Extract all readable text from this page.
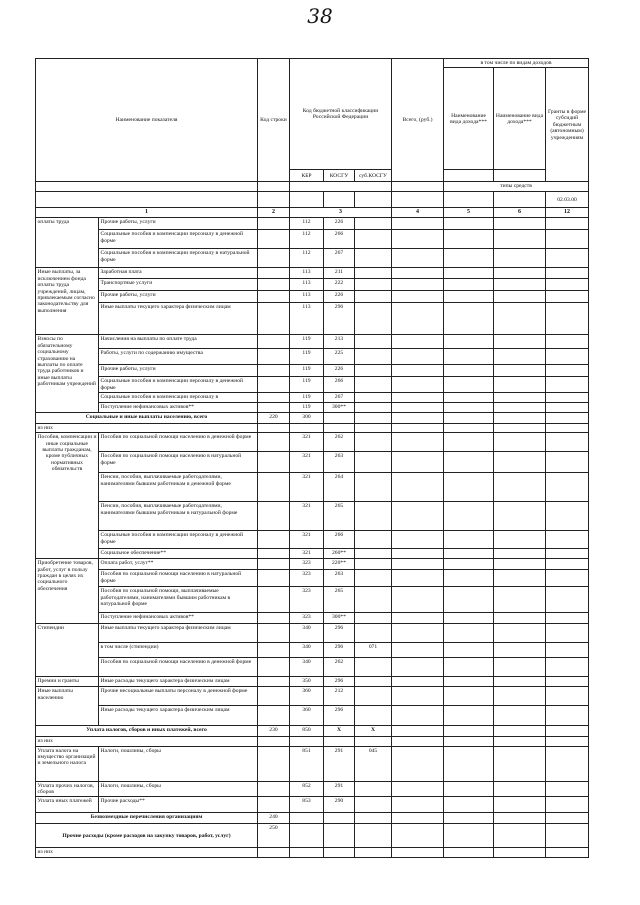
38
Наименование показателя		Код строки	Код бюджетной классификации Российской Федерации			Всего, (руб.)	в том числе по видам доходов		
							Наименование вида дохода***	Наименование вида дохода***	Гранты в форме субсидий бюджетным (автономным) учреждениям
			КБР	КОСГУ	суб.КОСГУ				
							типы средств		
									02.03.00
1		2	3			4	5	6	12
оплаты труда	Прочие работы, услуги		112	226					
	Социальные пособия и компенсации персоналу в денежной форме		112	266					
	Социальные пособия и компенсации персоналу в натуральной форме		112	267					
Иные выплаты, за исключением фонда оплаты труда учреждений, лицам, привлекаемым согласно законодательству для выполнения	Заработная плата		113	211					
	Транспортные услуги		113	222					
	Прочие работы, услуги		113	226					
	Иные выплаты текущего характера физическим лицам		113	296					
Взносы по обязательному социальному страхованию на выплаты по оплате труда работников и иные выплаты работникам учреждений	Начисления на выплаты по оплате труда		119	213					
	Работы, услуги по содержанию имущества		119	225					
	Прочие работы, услуги		119	226					
	Социальные пособия и компенсации персоналу в денежной форме		119	266					
	Социальные пособия и компенсации персоналу в		119	267					
	Поступление нефинансовых активов**		119	300**					
Социальные и иные выплаты населению, всего		220	300						
из них									
Пособия, компенсации и иные социальные выплаты гражданам, кроме публичных нормативных обязательств	Пособия по социальной помощи населению в денежной форме		321	262					
	Пособия по социальной помощи населению в натуральной форме		321	263					
	Пенсии, пособия, выплачиваемые работодателями, нанимателями бывшим работникам в денежной форме		321	264					
	Пенсии, пособия, выплачиваемые работодателями, нанимателями бывшим работникам в натуральной форме		321	265					
	Социальные пособия и компенсации персоналу в денежной форме		321	266					
	Социальное обеспечение**		321	260**					
Приобретение товаров, работ, услуг в пользу граждан в целях их социального обеспечения	Оплата работ, услуг**		323	220**					
	Пособия по социальной помощи населению в натуральной форме		323	263					
	Пособия по социальной помощи, выплачиваемые работодателями, нанимателями бывшим работникам в натуральной форме		323	265					
	Поступление нефинансовых активов**		323	300**					
Стипендии	Иные выплаты текущего характера физическим лицам		340	296					
	в том числе (стипендии)		340	296	071				
	Пособия по социальной помощи населению в денежной форме		340	262					
Премии и гранты	Иные расходы текущего характера физическим лицам		350	296					
Иные выплаты населению	Прочие несоциальные выплаты персоналу в денежной форме		360	212					
	Иные расходы текущего характера физическим лицам		360	296					
Уплата налогов, сборов и иных платежей, всего		230	850	X	X				
из них									
Уплата налога на имущество организаций и земельного налога	Налоги, пошлины, сборы		851	291	045				
Уплата прочих налогов, сборов	Налоги, пошлины, сборы		852	291					
Уплата иных платежей	Прочие расходы**		853	290					
Безвозмездные перечисления организациям		240							
Прочие расходы (кроме расходов на закупку товаров, работ, услуг)		250							
из них									
